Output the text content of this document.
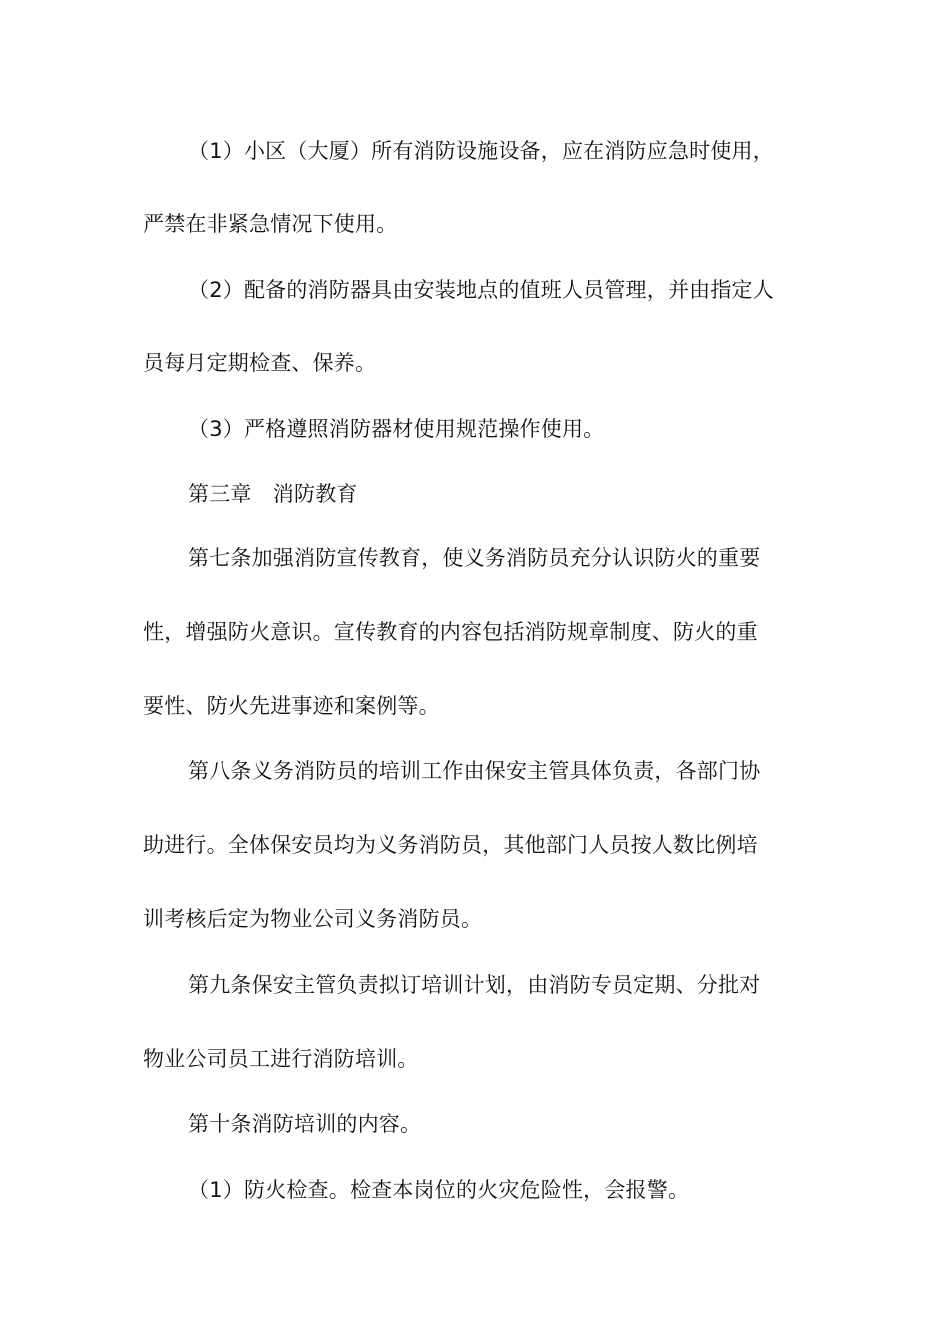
（1）小区（大厦）所有消防设施设备，应在消防应急时使用，

严禁在非紧急情况下使用。

（2）配备的消防器具由安装地点的值班人员管理，并由指定人

员每月定期检查、保养。

（3）严格遵照消防器材使用规范操作使用。

第三章　消防教育

第七条加强消防宣传教育，使义务消防员充分认识防火的重要

性，增强防火意识。宣传教育的内容包括消防规章制度、防火的重

要性、防火先进事迹和案例等。

第八条义务消防员的培训工作由保安主管具体负责，各部门协

助进行。全体保安员均为义务消防员，其他部门人员按人数比例培

训考核后定为物业公司义务消防员。

第九条保安主管负责拟订培训计划，由消防专员定期、分批对

物业公司员工进行消防培训。

第十条消防培训的内容。

（1）防火检查。检查本岗位的火灾危险性，会报警。
